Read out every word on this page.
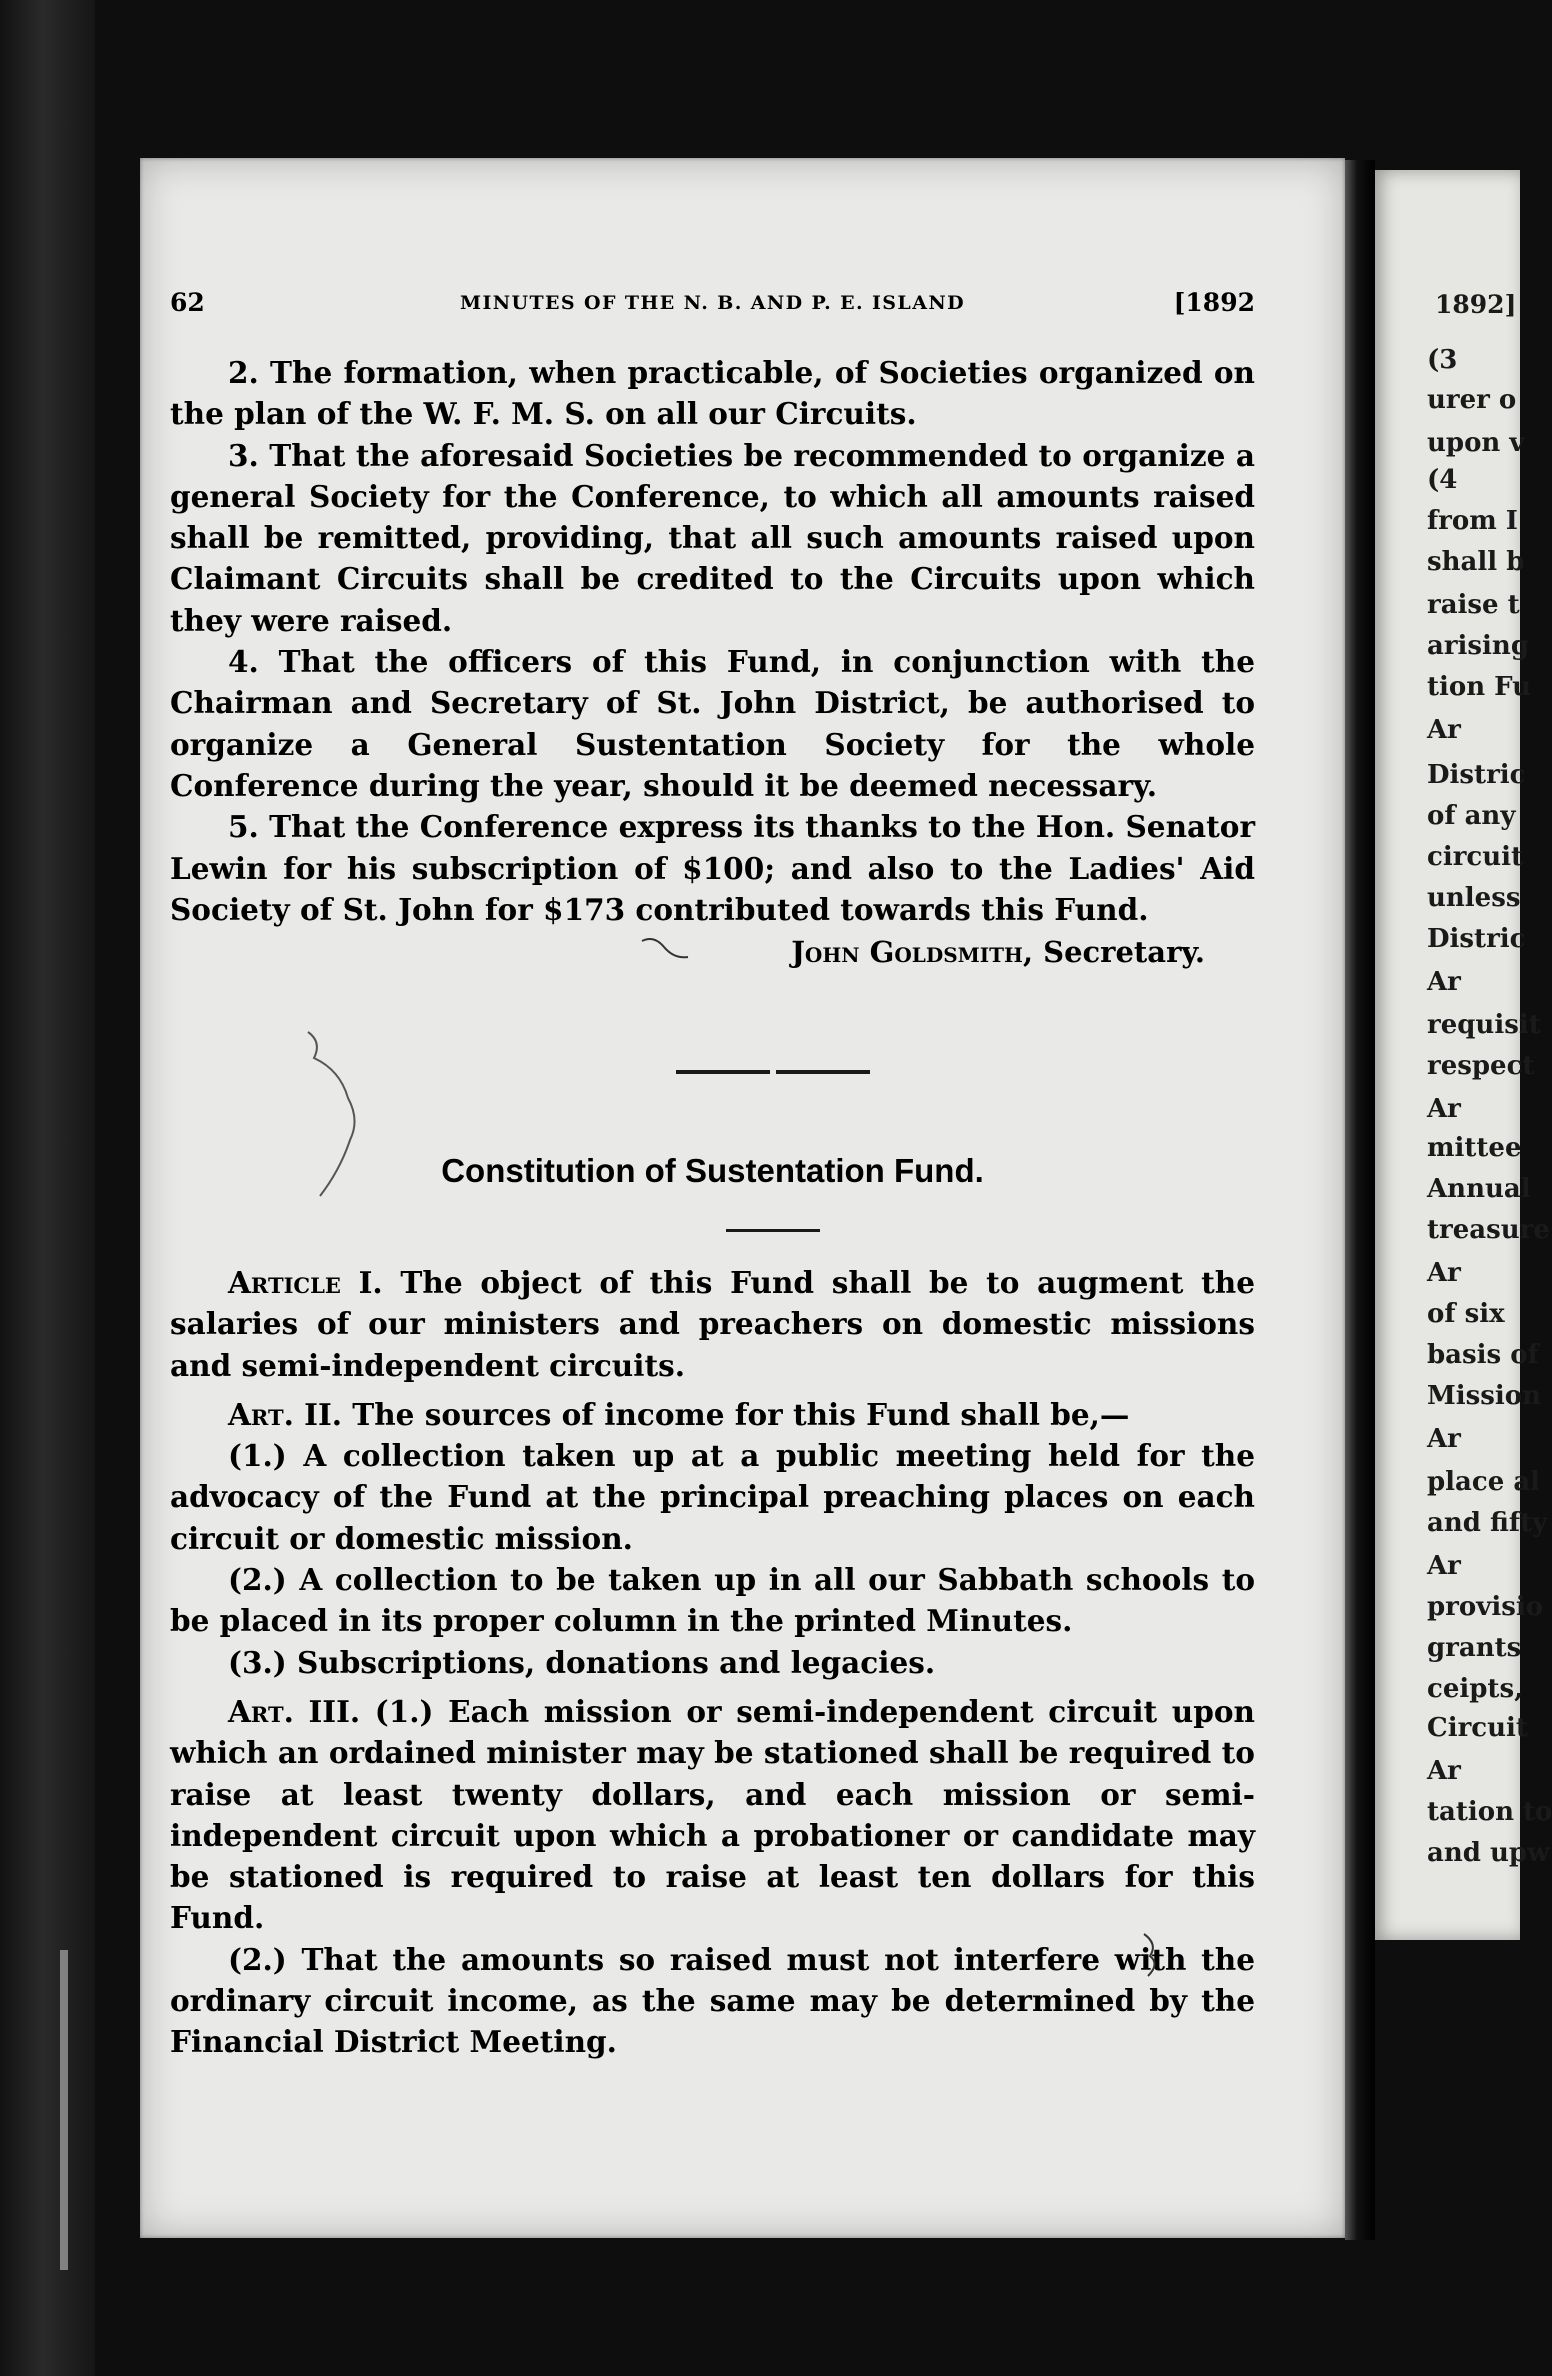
1892]
(3
urer o
upon v
(4
from I
shall b
raise t
arising
tion Fu
Ar
Distric
of any
circuit
unless
Distric
Ar
requisit
respect
Ar
mittee
Annual
treasure
Ar
of six
basis of
Mission
Ar
place al
and fifty
Ar
provisio
grants
ceipts,
Circuit
Ar
tation to
and upw
62	MINUTES OF THE N. B. AND P. E. ISLAND	[1892

2. The formation, when practicable, of Societies organized on the plan of the W. F. M. S. on all our Circuits.

3. That the aforesaid Societies be recommended to organize a general Society for the Conference, to which all amounts raised shall be remitted, providing, that all such amounts raised upon Claimant Circuits shall be credited to the Circuits upon which they were raised.

4. That the officers of this Fund, in conjunction with the Chairman and Secretary of St. John District, be authorised to organize a General Sustentation Society for the whole Conference during the year, should it be deemed necessary.

5. That the Conference express its thanks to the Hon. Senator Lewin for his subscription of $100; and also to the Ladies' Aid Society of St. John for $173 contributed towards this Fund.

John Goldsmith, Secretary.
Constitution of Sustentation Fund.

Article I. The object of this Fund shall be to augment the salaries of our ministers and preachers on domestic missions and semi-independent circuits.

Art. II. The sources of income for this Fund shall be,—

(1.) A collection taken up at a public meeting held for the advocacy of the Fund at the principal preaching places on each circuit or domestic mission.

(2.) A collection to be taken up in all our Sabbath schools to be placed in its proper column in the printed Minutes.

(3.) Subscriptions, donations and legacies.

Art. III. (1.) Each mission or semi-independent circuit upon which an ordained minister may be stationed shall be required to raise at least twenty dollars, and each mission or semi-independent circuit upon which a probationer or candidate may be stationed is required to raise at least ten dollars for this Fund.

(2.) That the amounts so raised must not interfere with the ordinary circuit income, as the same may be determined by the Financial District Meeting.
